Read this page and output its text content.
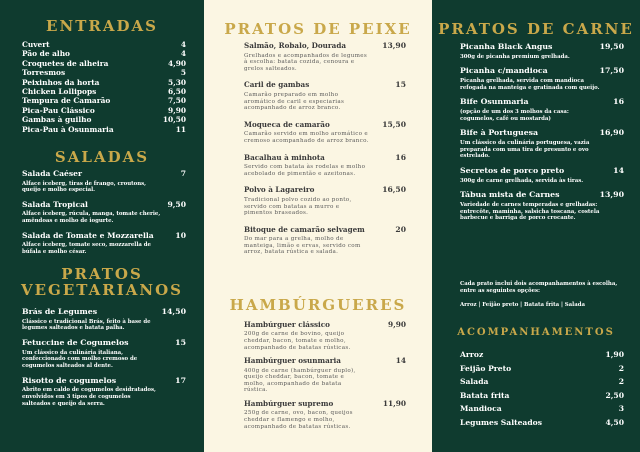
ENTRADAS
Cuvert	4
Pão de alho	4
Croquetes de alheira	4,90
Torresmos	5
Peixinhos da horta	5,30
Chicken Lollipops	6,50
Tempura de Camarão	7,50
Pica-Pau Clássico	9,90
Gambas à guilho	10,50
Pica-Pau à Osunmaria	11
SALADAS
Salada Caéser	7
Alface iceberg, tiras de frango, croutons, queijo e molho especial.
Salada Tropical	9,50
Alface iceberg, rúcula, manga, tomate cherie, amêndoas e molho de iogurte.
Salada de Tomate e Mozzarella	10
Alface iceberg, tomate seco, mozzarella de búfala e molho césar.
PRATOS
VEGETARIANOS
Brás de Legumes	14,50
Clássico e tradicional Brás, feito à base de legumes salteados e batata palha.
Fetuccine de Cogumelos	15
Um clássico da culinária italiana, confeccionado com molho cremoso de cogumelos salteados al dente.
Risotto de cogumelos	17
Abrito em caldo de cogumelos desidratados, envolvidos em 3 tipos de cogumelos salteados e queijo da serra.
PRATOS DE PEIXE
Salmão, Robalo, Dourada	13,90
Grelhados e acompanhados de legumes à escolha: batata cozida, cenoura e grelos salteados.
Caril de gambas	15
Camarão preparado em molho aromático de caril e especiarias acompanhado de arroz branco.
Moqueca de camarão	15,50
Camarão servido em molho aromático e cremoso acompanhado de arroz branco.
Bacalhau à minhota	16
Servido com batata às rodelas e molho acebolado de pimentão e azeitonas.
Polvo à Lagareiro	16,50
Tradicional polvo cozido ao ponto, servido com batatas a murro e pimentos braseados.
Bitoque de camarão selvagem	20
Do mar para a grelha, molho de manteiga, limão e ervas, servido com arroz, batata rústica e salada.
HAMBÚRGUERES
Hambúrguer clássico	9,90
200g de carne de bovino, queijo cheddar, bacon, tomate e molho, acompanhado de batatas rústicas.
Hambúrguer osunmaria	14
400g de carne (hambúrguer duplo), queijo cheddar, bacon, tomate e molho, acompanhado de batata rústica.
Hambúrguer supremo	11,90
250g de carne, ovo, bacon, queijos cheddar e flamengo e molho, acompanhado de batatas rústicas.
PRATOS DE CARNE
Picanha Black Angus	19,50
300g de picanha premium grelhada.
Picanha c/mandioca	17,50
Picanha grelhada, servida com mandioca refogada na manteiga e gratinada com queijo.
Bife Osunmaria	16
(opção de um dos 3 molhos da casa: cogumelos, café ou mostarda)
Bife à Portuguesa	16,90
Um clássico da culinária portuguesa, vazia preparada com uma tira de presunto e ovo estrelado.
Secretos de porco preto	14
300g de carne grelhada, servida às tiras.
Tábua mista de Carnes	13,90
Variedade de carnes temperadas e grelhadas: entrecôte, maminha, salsicha toscana, costela barbecue e barriga de porco crocante.
Cada prato inclui dois acompanhamentos à escolha, entre as seguintes opções:
Arroz | Feijão preto | Batata frita | Salada
ACOMPANHAMENTOS
Arroz	1,90
Feijão Preto	2
Salada	2
Batata frita	2,50
Mandioca	3
Legumes Salteados	4,50
